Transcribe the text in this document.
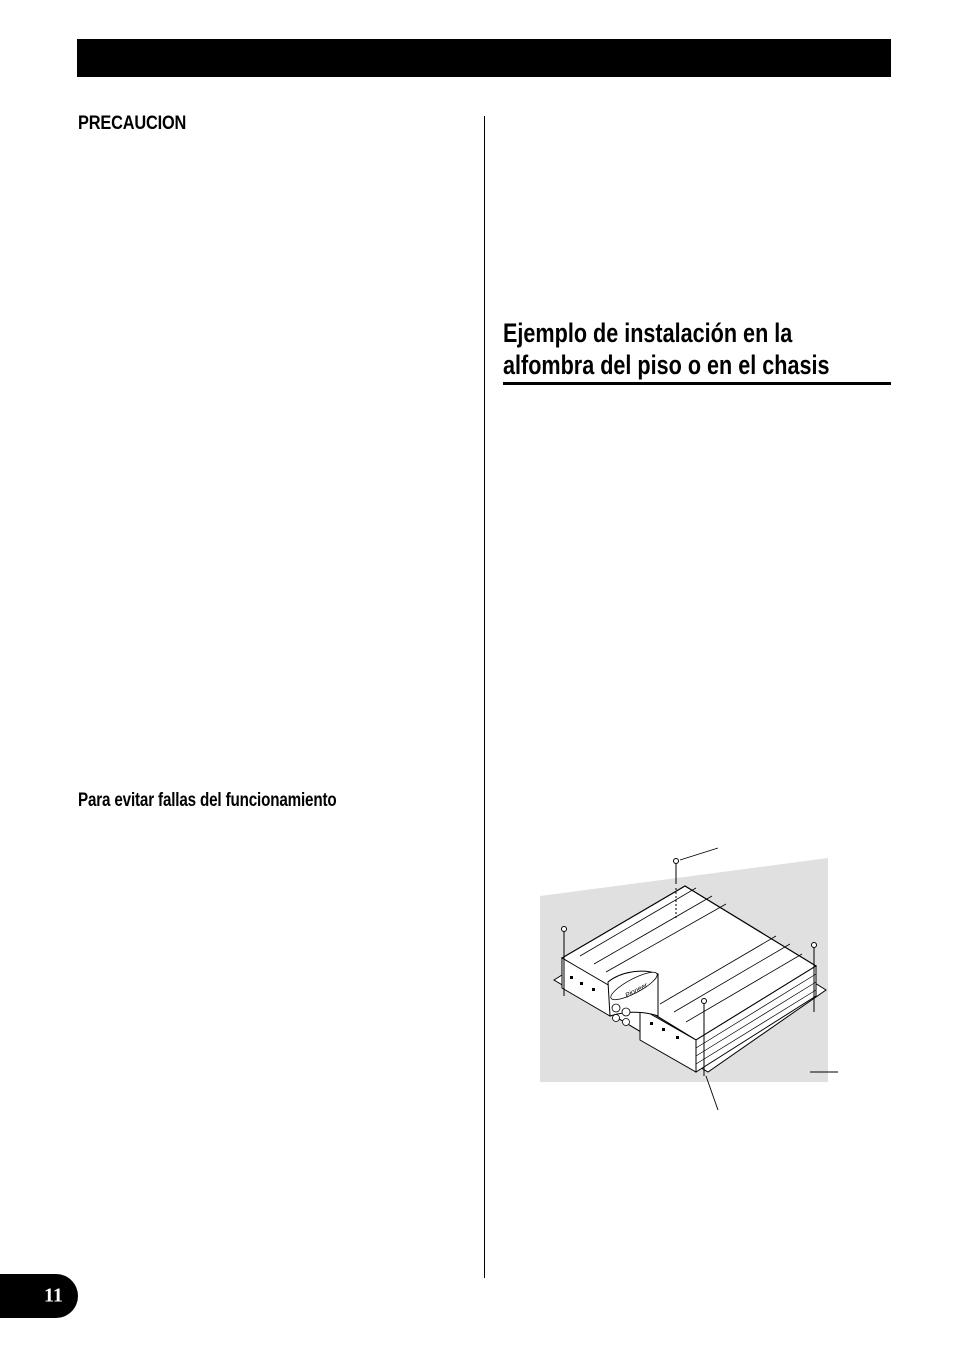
PRECAUCION
Para evitar fallas del funcionamiento
Ejemplo de instalación en la
alfombra del piso o en el chasis
Pioneer
11
